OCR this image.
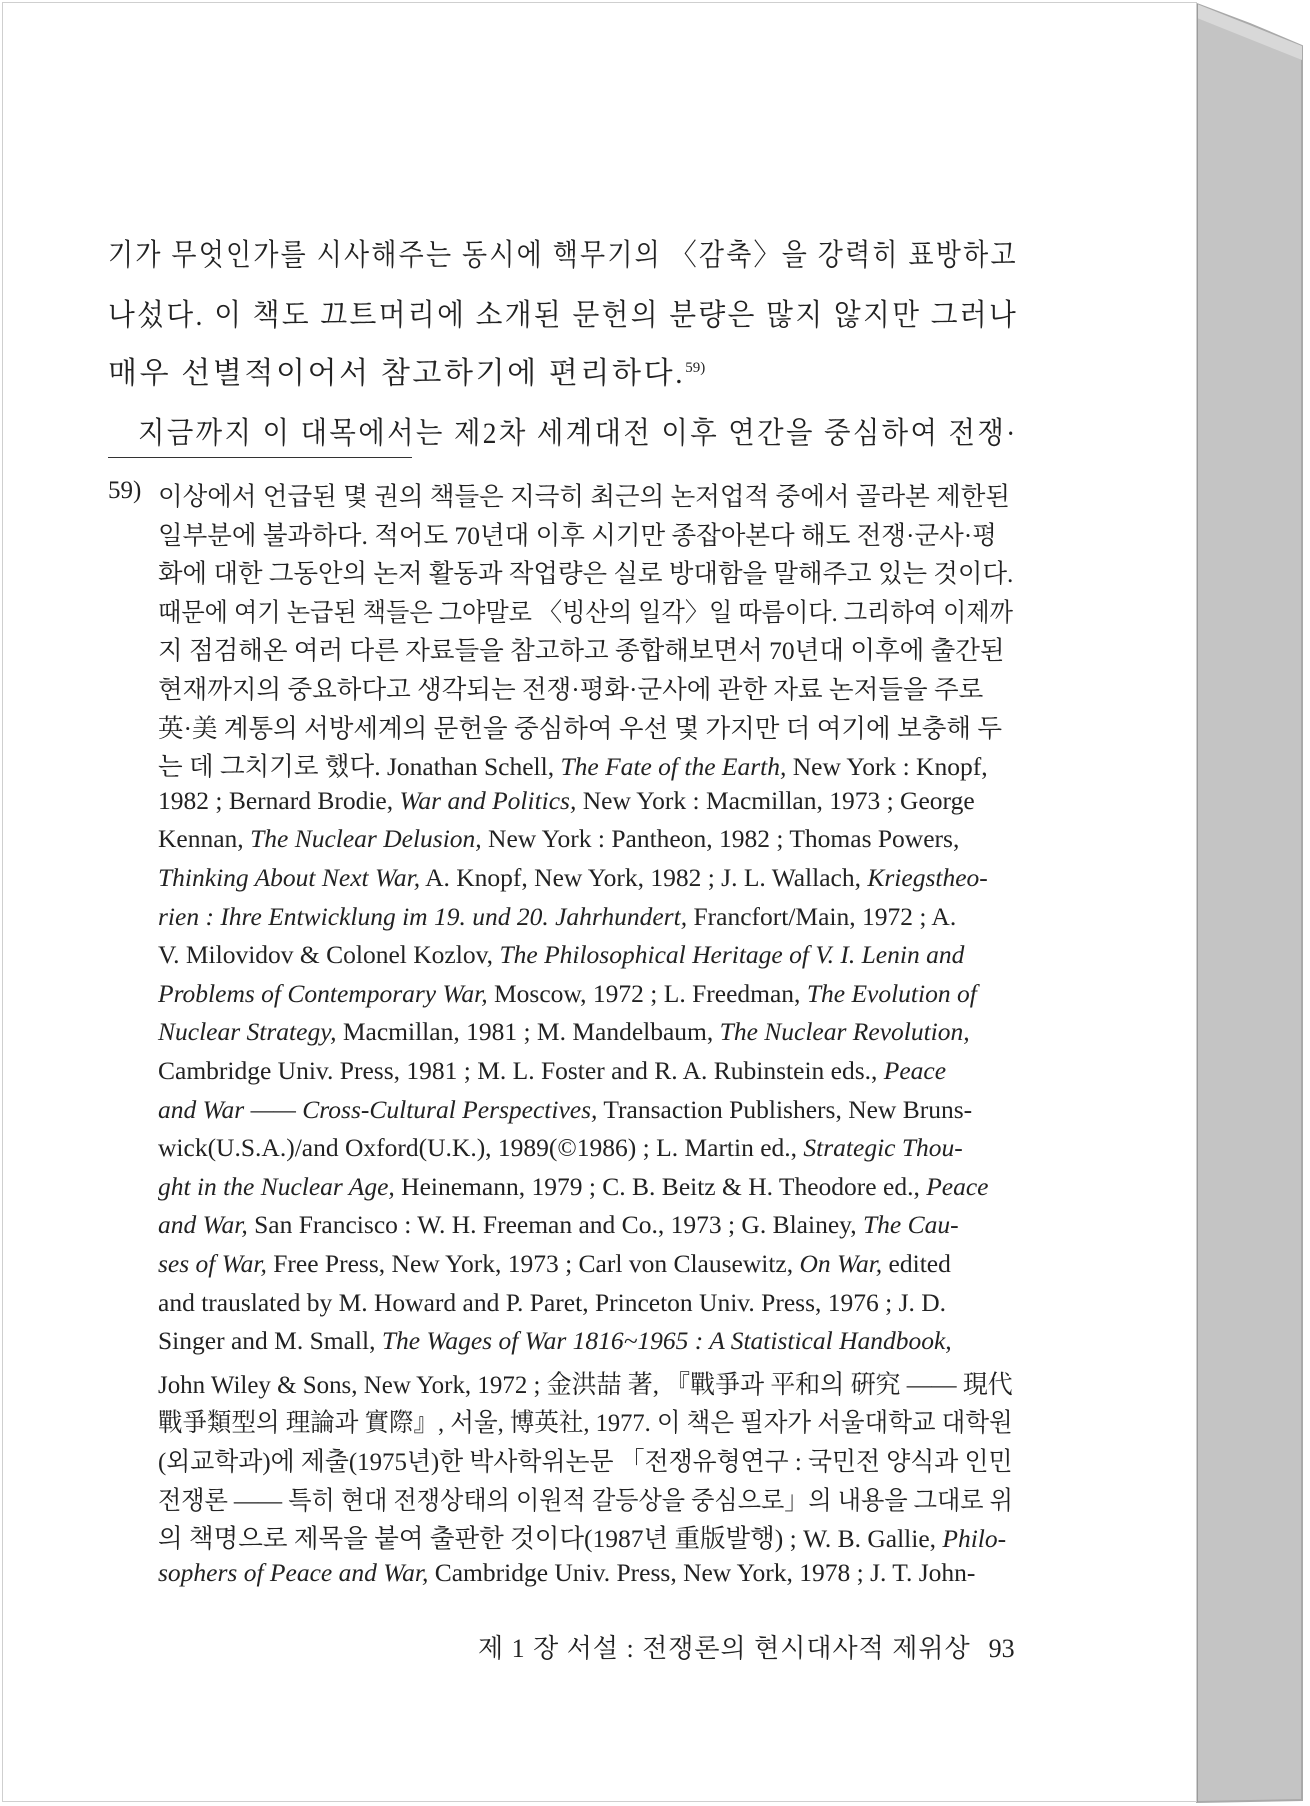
기가 무엇인가를 시사해주는 동시에 핵무기의 〈감축〉을 강력히 표방하고
나섰다. 이 책도 끄트머리에 소개된 문헌의 분량은 많지 않지만 그러나
매우 선별적이어서 참고하기에 편리하다.$^{59)}$
지금까지 이 대목에서는 제2차 세계대전 이후 연간을 중심하여 전쟁·
59) 이상에서 언급된 몇 권의 책들은 지극히 최근의 논저업적 중에서 골라본 제한된
일부분에 불과하다. 적어도 70년대 이후 시기만 종잡아본다 해도 전쟁·군사·평
화에 대한 그동안의 논저 활동과 작업량은 실로 방대함을 말해주고 있는 것이다.
때문에 여기 논급된 책들은 그야말로 〈빙산의 일각〉일 따름이다. 그리하여 이제까
지 점검해온 여러 다른 자료들을 참고하고 종합해보면서 70년대 이후에 출간된
현재까지의 중요하다고 생각되는 전쟁·평화·군사에 관한 자료 논저들을 주로
英·美 계통의 서방세계의 문헌을 중심하여 우선 몇 가지만 더 여기에 보충해 두
는 데 그치기로 했다. Jonathan Schell, The Fate of the Earth, New York : Knopf,
1982 ; Bernard Brodie, War and Politics, New York : Macmillan, 1973 ; George
Kennan, The Nuclear Delusion, New York : Pantheon, 1982 ; Thomas Powers,
Thinking About Next War, A. Knopf, New York, 1982 ; J. L. Wallach, Kriegstheo-
rien : Ihre Entwicklung im 19. und 20. Jahrhundert, Francfort/Main, 1972 ; A.
V. Milovidov & Colonel Kozlov, The Philosophical Heritage of V. I. Lenin and
Problems of Contemporary War, Moscow, 1972 ; L. Freedman, The Evolution of
Nuclear Strategy, Macmillan, 1981 ; M. Mandelbaum, The Nuclear Revolution,
Cambridge Univ. Press, 1981 ; M. L. Foster and R. A. Rubinstein eds., Peace
and War —— Cross-Cultural Perspectives, Transaction Publishers, New Bruns-
wick(U.S.A.)/and Oxford(U.K.), 1989(©1986) ; L. Martin ed., Strategic Thou-
ght in the Nuclear Age, Heinemann, 1979 ; C. B. Beitz & H. Theodore ed., Peace
and War, San Francisco : W. H. Freeman and Co., 1973 ; G. Blainey, The Cau-
ses of War, Free Press, New York, 1973 ; Carl von Clausewitz, On War, edited
and trauslated by M. Howard and P. Paret, Princeton Univ. Press, 1976 ; J. D.
Singer and M. Small, The Wages of War 1816~1965 : A Statistical Handbook,
John Wiley & Sons, New York, 1972 ; 金洪喆 著, 『戰爭과 平和의 硏究 —— 現代
戰爭類型의 理論과 實際』, 서울, 博英社, 1977. 이 책은 필자가 서울대학교 대학원
(외교학과)에 제출(1975년)한 박사학위논문 「전쟁유형연구 : 국민전 양식과 인민
전쟁론 —— 특히 현대 전쟁상태의 이원적 갈등상을 중심으로」의 내용을 그대로 위
의 책명으로 제목을 붙여 출판한 것이다(1987년 重版발행) ; W. B. Gallie, Philo-
sophers of Peace and War, Cambridge Univ. Press, New York, 1978 ; J. T. John-
제 1 장 서설 : 전쟁론의 현시대사적 제위상 93
